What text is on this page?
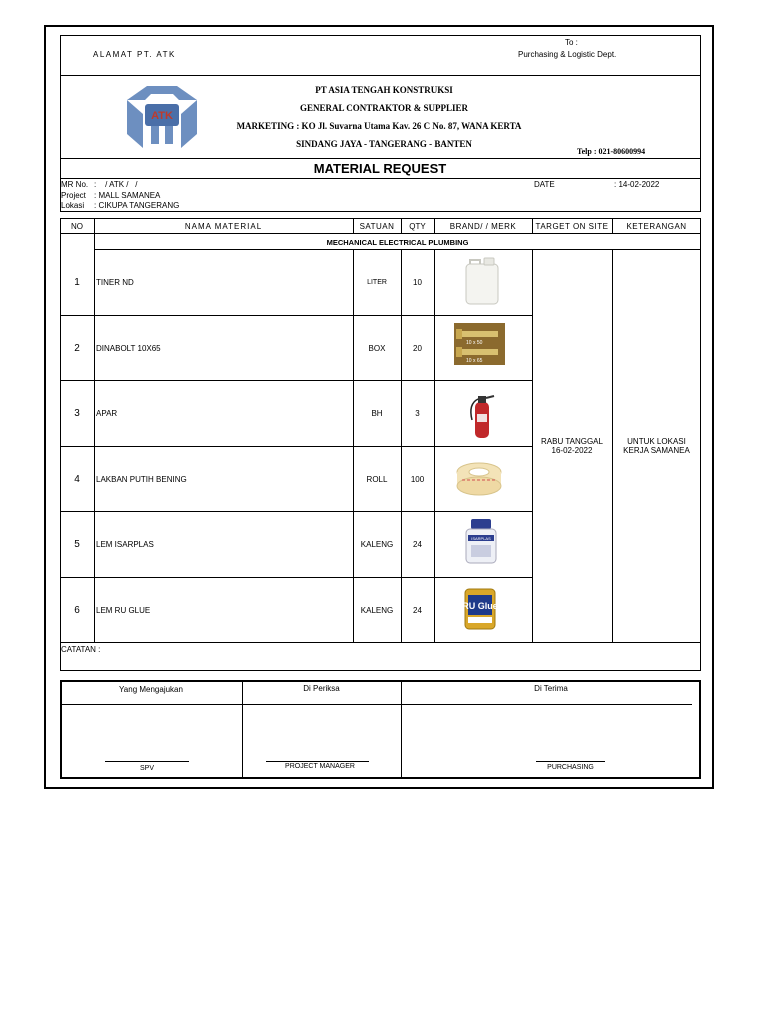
ALAMAT PT. ATK
To :
Purchasing & Logistic Dept.
ATK
PT ASIA TENGAH KONSTRUKSI
GENERAL CONTRAKTOR & SUPPLIER
MARKETING : KO Jl. Suvarna Utama Kav. 26 C No. 87, WANA KERTA
SINDANG JAYA - TANGERANG - BANTEN
Telp : 021-80600994
MATERIAL REQUEST
MR No. :    / ATK /   /
Project : MALL SAMANEA
Lokasi : CIKUPA TANGERANG
DATE	: 14-02-2022
NO	NAMA MATERIAL	SATUAN	QTY	BRAND/ / MERK	TARGET ON SITE	KETERANGAN
MECHANICAL ELECTRICAL PLUMBING
1	TINER ND	LITER	10
2	DINABOLT 10X65	BOX	20
10 x 50
10 x 65
3	APAR	BH	3
4	LAKBAN PUTIH BENING	ROLL	100
5	LEM ISARPLAS	KALENG	24
ISARPLAS
6	LEM RU GLUE	KALENG	24	RU Glue
RABU TANGGAL
16-02-2022
UNTUK LOKASI
KERJA SAMANEA
CATATAN :
Yang Mengajukan	Di Periksa	Di Terima
SPV	PROJECT MANAGER	PURCHASING
